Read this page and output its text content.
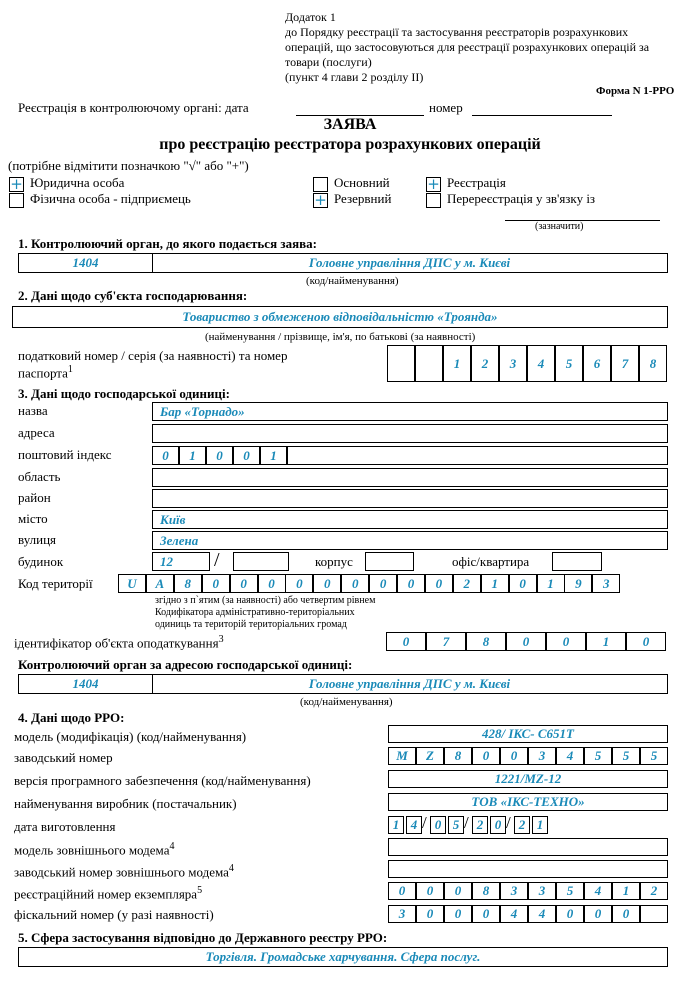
Додаток 1
до Порядку реєстрації та застосування реєстраторів розрахункових
операцій, що застосовуються для реєстрації розрахункових операцій за
товари (послуги)
(пункт 4 глави 2 розділу ІІ)
Форма N 1-РРО
Реєстрація в контролюючому органі: дата	номер
ЗАЯВА
про реєстрацію реєстратора розрахункових операцій
(потрібне відмітити позначкою "√" або "+")
+ Юридична особа
Фізична особа - підприємець
Основний
+ Резервний
+ Реєстрація
Перереєстрація у зв'язку із
(зазначити)
1. Контролюючий орган, до якого подається заява:
1404	Головне управління ДПС у м. Києві
(код/найменування)
2. Дані щодо суб'єкта господарювання:
Товариство з обмеженою відповідальністю «Троянда»
(найменування / прізвище, ім'я, по батькові (за наявності)
податковий номер / серія (за наявності) та номер
паспорта$^1$	1	2	3	4	5	6	7	8
3. Дані щодо господарської одиниці:
назва	Бар «Торнадо»
адреса
поштовий індекс	0	1	0	0	1
область
район
місто	Київ
вулиця	Зелена
будинок	12 /	корпус	офіс/квартира
Код території	U	A	8	0	0	0	0	0	0	0	0	0	2	1	0	1	9	3
згідно з п`ятим (за наявності) або четвертим рівнем
Кодифікатора адміністративно-територіальних
одиниць та територій територіальних громад
ідентифікатор об'єкта оподаткування$^3$	0	7	8	0	0	1	0
Контролюючий орган за адресою господарської одиниці:
1404	Головне управління ДПС у м. Києві
(код/найменування)
4. Дані щодо РРО:
модель (модифікація) (код/найменування)	428/ ІКС- С651Т
заводський номер	M	Z	8	0	0	3	4	5	5	5
версія програмного забезпечення (код/найменування)	1221/MZ-12
найменування виробник (постачальник)	ТОВ «ІКС-ТЕХНО»
дата виготовлення	1 4 / 0 5 / 2 0 / 2 1
модель зовнішнього модема$^4$
заводський номер зовнішнього модема$^4$
реєстраційний номер екземпляра$^5$	0	0	0	8	3	3	5	4	1	2
фіскальний номер (у разі наявності)	3	0	0	0	4	4	0	0	0
5. Сфера застосування відповідно до Державного реєстру РРО:
Торгівля. Громадське харчування. Сфера послуг.
